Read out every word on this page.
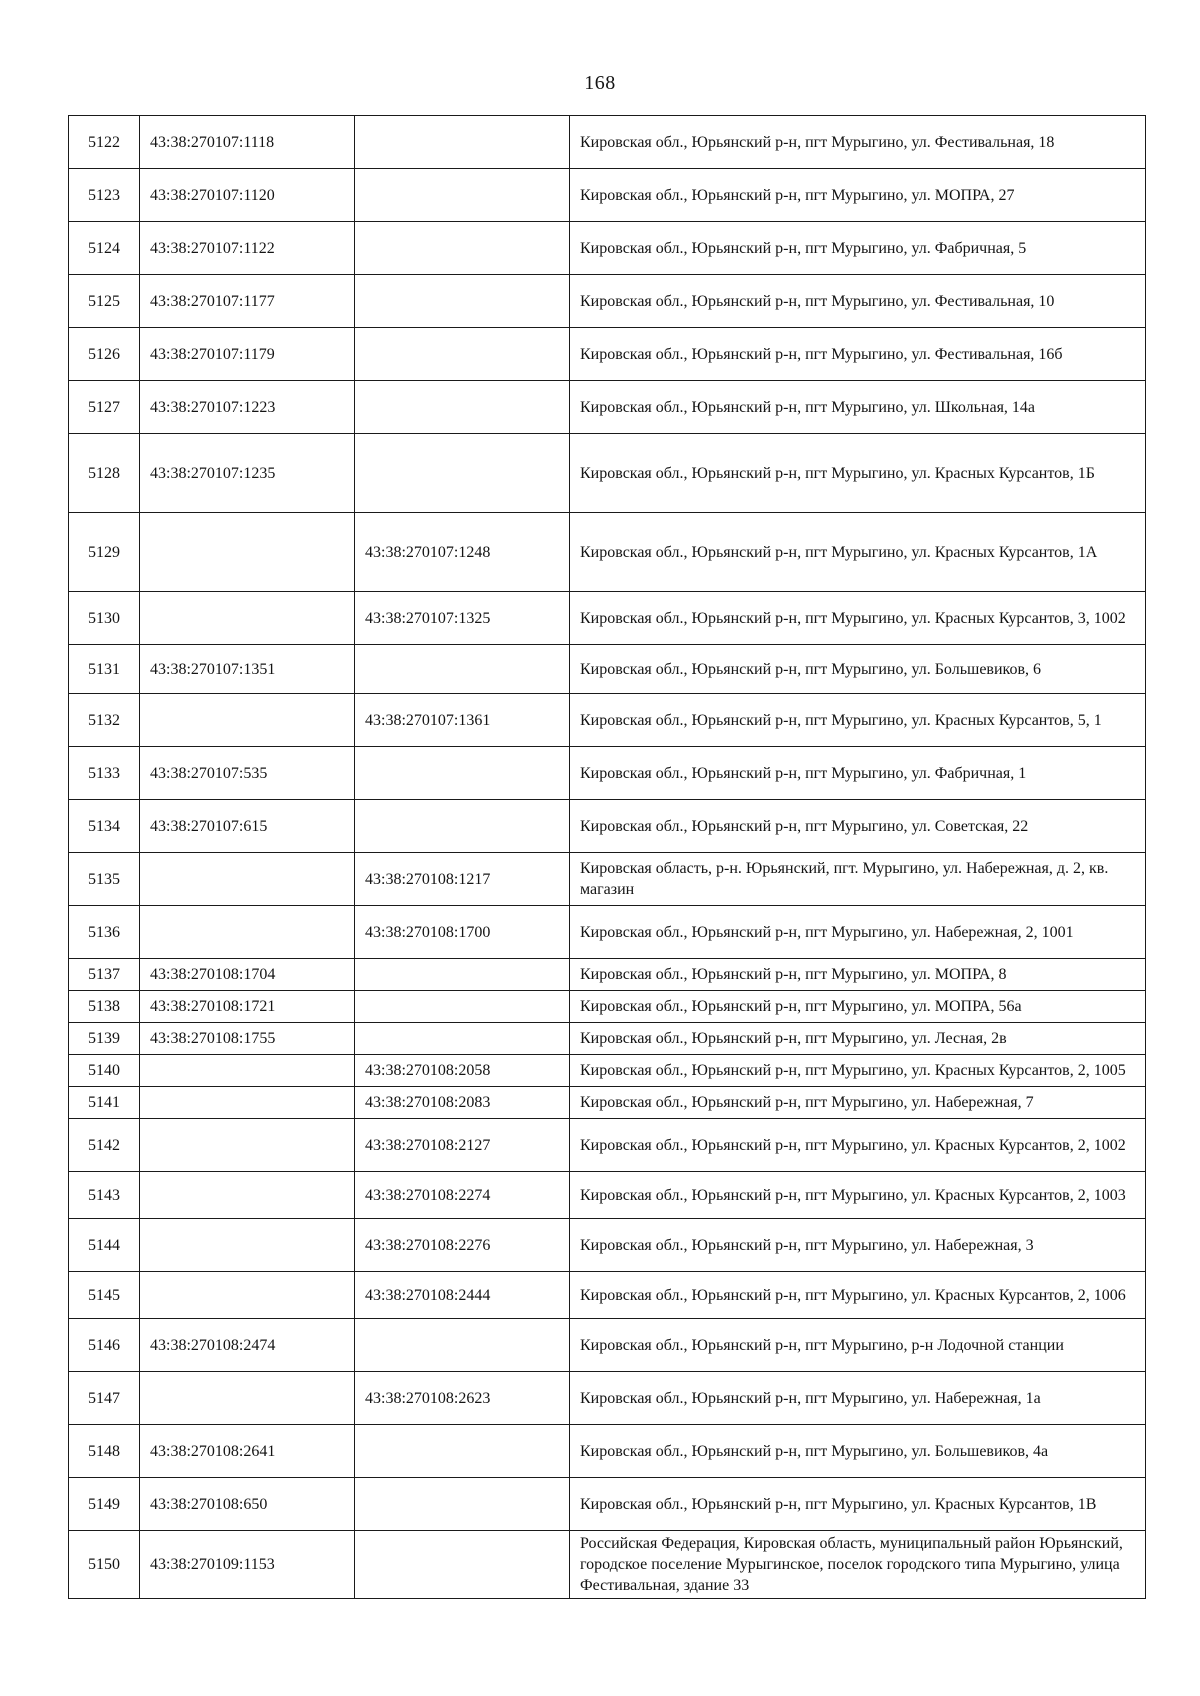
168
5122	43:38:270107:1118		Кировская обл., Юрьянский р-н, пгт Мурыгино, ул. Фестивальная, 18
5123	43:38:270107:1120		Кировская обл., Юрьянский р-н, пгт Мурыгино, ул. МОПРА, 27
5124	43:38:270107:1122		Кировская обл., Юрьянский р-н, пгт Мурыгино, ул. Фабричная, 5
5125	43:38:270107:1177		Кировская обл., Юрьянский р-н, пгт Мурыгино, ул. Фестивальная, 10
5126	43:38:270107:1179		Кировская обл., Юрьянский р-н, пгт Мурыгино, ул. Фестивальная, 16б
5127	43:38:270107:1223		Кировская обл., Юрьянский р-н, пгт Мурыгино, ул. Школьная, 14а
5128	43:38:270107:1235		Кировская обл., Юрьянский р-н, пгт Мурыгино, ул. Красных Курсантов, 1Б
5129		43:38:270107:1248	Кировская обл., Юрьянский р-н, пгт Мурыгино, ул. Красных Курсантов, 1А
5130		43:38:270107:1325	Кировская обл., Юрьянский р-н, пгт Мурыгино, ул. Красных Курсантов, 3, 1002
5131	43:38:270107:1351		Кировская обл., Юрьянский р-н, пгт Мурыгино, ул. Большевиков, 6
5132		43:38:270107:1361	Кировская обл., Юрьянский р-н, пгт Мурыгино, ул. Красных Курсантов, 5, 1
5133	43:38:270107:535		Кировская обл., Юрьянский р-н, пгт Мурыгино, ул. Фабричная, 1
5134	43:38:270107:615		Кировская обл., Юрьянский р-н, пгт Мурыгино, ул. Советская, 22
5135		43:38:270108:1217	Кировская область, р-н. Юрьянский, пгт. Мурыгино, ул. Набережная, д. 2, кв. магазин
5136		43:38:270108:1700	Кировская обл., Юрьянский р-н, пгт Мурыгино, ул. Набережная, 2, 1001
5137	43:38:270108:1704		Кировская обл., Юрьянский р-н, пгт Мурыгино, ул. МОПРА, 8
5138	43:38:270108:1721		Кировская обл., Юрьянский р-н, пгт Мурыгино, ул. МОПРА, 56а
5139	43:38:270108:1755		Кировская обл., Юрьянский р-н, пгт Мурыгино, ул. Лесная, 2в
5140		43:38:270108:2058	Кировская обл., Юрьянский р-н, пгт Мурыгино, ул. Красных Курсантов, 2, 1005
5141		43:38:270108:2083	Кировская обл., Юрьянский р-н, пгт Мурыгино, ул. Набережная, 7
5142		43:38:270108:2127	Кировская обл., Юрьянский р-н, пгт Мурыгино, ул. Красных Курсантов, 2, 1002
5143		43:38:270108:2274	Кировская обл., Юрьянский р-н, пгт Мурыгино, ул. Красных Курсантов, 2, 1003
5144		43:38:270108:2276	Кировская обл., Юрьянский р-н, пгт Мурыгино, ул. Набережная, 3
5145		43:38:270108:2444	Кировская обл., Юрьянский р-н, пгт Мурыгино, ул. Красных Курсантов, 2, 1006
5146	43:38:270108:2474		Кировская обл., Юрьянский р-н, пгт Мурыгино, р-н Лодочной станции
5147		43:38:270108:2623	Кировская обл., Юрьянский р-н, пгт Мурыгино, ул. Набережная, 1а
5148	43:38:270108:2641		Кировская обл., Юрьянский р-н, пгт Мурыгино, ул. Большевиков, 4а
5149	43:38:270108:650		Кировская обл., Юрьянский р-н, пгт Мурыгино, ул. Красных Курсантов, 1В
5150	43:38:270109:1153		Российская Федерация, Кировская область, муниципальный район Юрьянский, городское поселение Мурыгинское, поселок городского типа Мурыгино, улица Фестивальная, здание 33
